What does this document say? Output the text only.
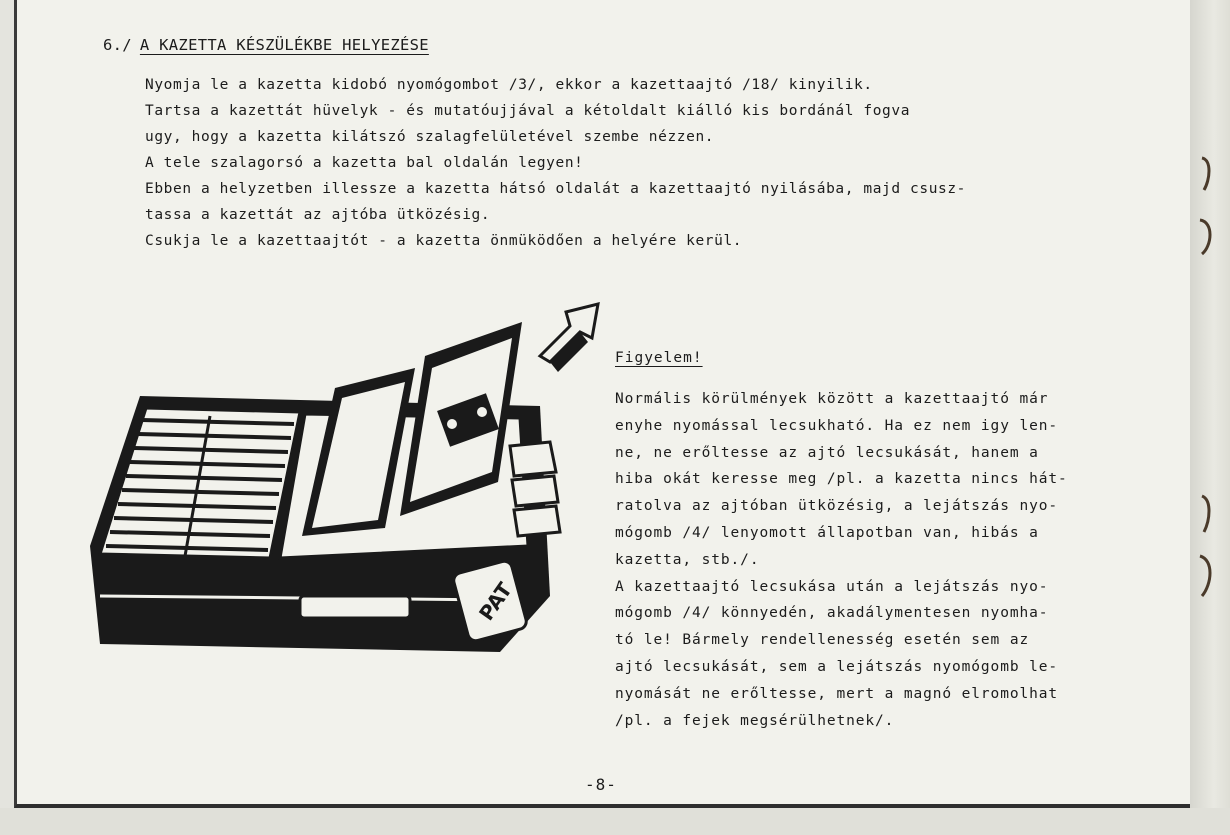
6./ A KAZETTA KÉSZÜLÉKBE HELYEZÉSE
Nyomja le a kazetta kidobó nyomógombot /3/, ekkor a kazettaajtó /18/ kinyilik.
Tartsa a kazettát hüvelyk - és mutatóujjával a kétoldalt kiálló kis bordánál fogva
ugy, hogy a kazetta kilátszó szalagfelületével szembe nézzen.
A tele szalagorsó a kazetta bal oldalán legyen!
Ebben a helyzetben illessze a kazetta hátsó oldalát a kazettaajtó nyilásába, majd csusz-
tassa a kazettát az ajtóba ütközésig.
Csukja le a kazettaajtót - a kazetta önmüködően a helyére kerül.
PAT
Figyelem!
Normális körülmények között a kazettaajtó már
enyhe nyomással lecsukható. Ha ez nem igy len-
ne, ne erőltesse az ajtó lecsukását, hanem a
hiba okát keresse meg /pl. a kazetta nincs hát-
ratolva az ajtóban ütközésig, a lejátszás nyo-
mógomb /4/ lenyomott állapotban van, hibás a
kazetta, stb./.
A kazettaajtó lecsukása után a lejátszás nyo-
mógomb /4/ könnyedén, akadálymentesen nyomha-
tó le! Bármely rendellenesség esetén sem az
ajtó lecsukását, sem a lejátszás nyomógomb le-
nyomását ne erőltesse, mert a magnó elromolhat
/pl. a fejek megsérülhetnek/.
-8-
